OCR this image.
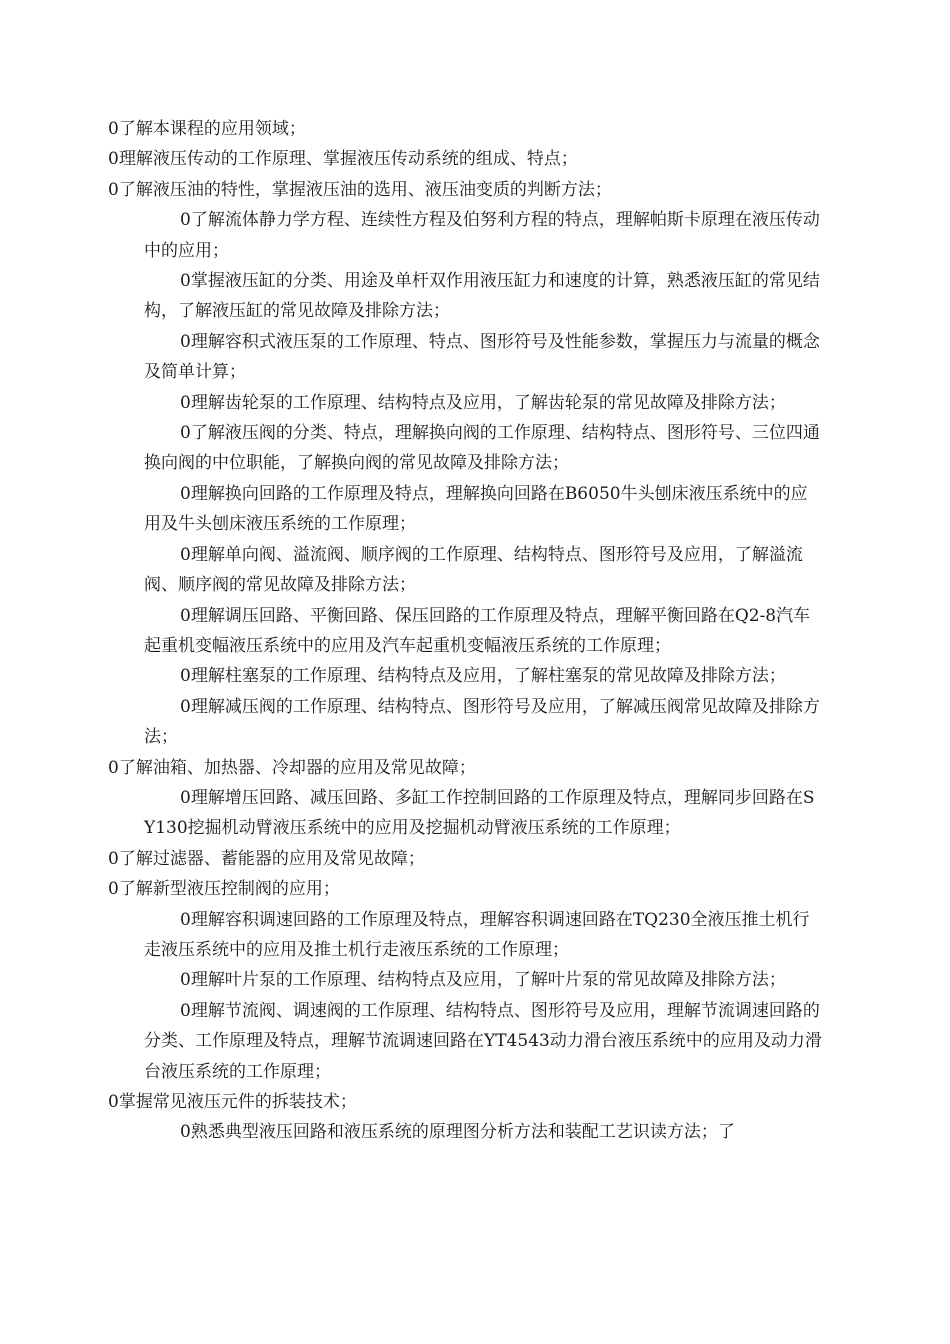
0了解本课程的应用领域；

0理解液压传动的工作原理、掌握液压传动系统的组成、特点；

0了解液压油的特性，掌握液压油的选用、液压油变质的判断方法；

0了解流体静力学方程、连续性方程及伯努利方程的特点，理解帕斯卡原理在液压传动中的应用；

0掌握液压缸的分类、用途及单杆双作用液压缸力和速度的计算，熟悉液压缸的常见结构，了解液压缸的常见故障及排除方法；

0理解容积式液压泵的工作原理、特点、图形符号及性能参数，掌握压力与流量的概念及简单计算；

0理解齿轮泵的工作原理、结构特点及应用，了解齿轮泵的常见故障及排除方法；

0了解液压阀的分类、特点，理解换向阀的工作原理、结构特点、图形符号、三位四通换向阀的中位职能，了解换向阀的常见故障及排除方法；

0理解换向回路的工作原理及特点，理解换向回路在B6050牛头刨床液压系统中的应用及牛头刨床液压系统的工作原理；

0理解单向阀、溢流阀、顺序阀的工作原理、结构特点、图形符号及应用，了解溢流阀、顺序阀的常见故障及排除方法；

0理解调压回路、平衡回路、保压回路的工作原理及特点，理解平衡回路在Q2-8汽车起重机变幅液压系统中的应用及汽车起重机变幅液压系统的工作原理；

0理解柱塞泵的工作原理、结构特点及应用，了解柱塞泵的常见故障及排除方法；

0理解减压阀的工作原理、结构特点、图形符号及应用，了解减压阀常见故障及排除方法；

0了解油箱、加热器、冷却器的应用及常见故障；

0理解增压回路、减压回路、多缸工作控制回路的工作原理及特点，理解同步回路在SY130挖掘机动臂液压系统中的应用及挖掘机动臂液压系统的工作原理；

0了解过滤器、蓄能器的应用及常见故障；

0了解新型液压控制阀的应用；

0理解容积调速回路的工作原理及特点，理解容积调速回路在TQ230全液压推土机行走液压系统中的应用及推土机行走液压系统的工作原理；

0理解叶片泵的工作原理、结构特点及应用，了解叶片泵的常见故障及排除方法；

0理解节流阀、调速阀的工作原理、结构特点、图形符号及应用，理解节流调速回路的分类、工作原理及特点，理解节流调速回路在YT4543动力滑台液压系统中的应用及动力滑台液压系统的工作原理；

0掌握常见液压元件的拆装技术；

0熟悉典型液压回路和液压系统的原理图分析方法和装配工艺识读方法；了
